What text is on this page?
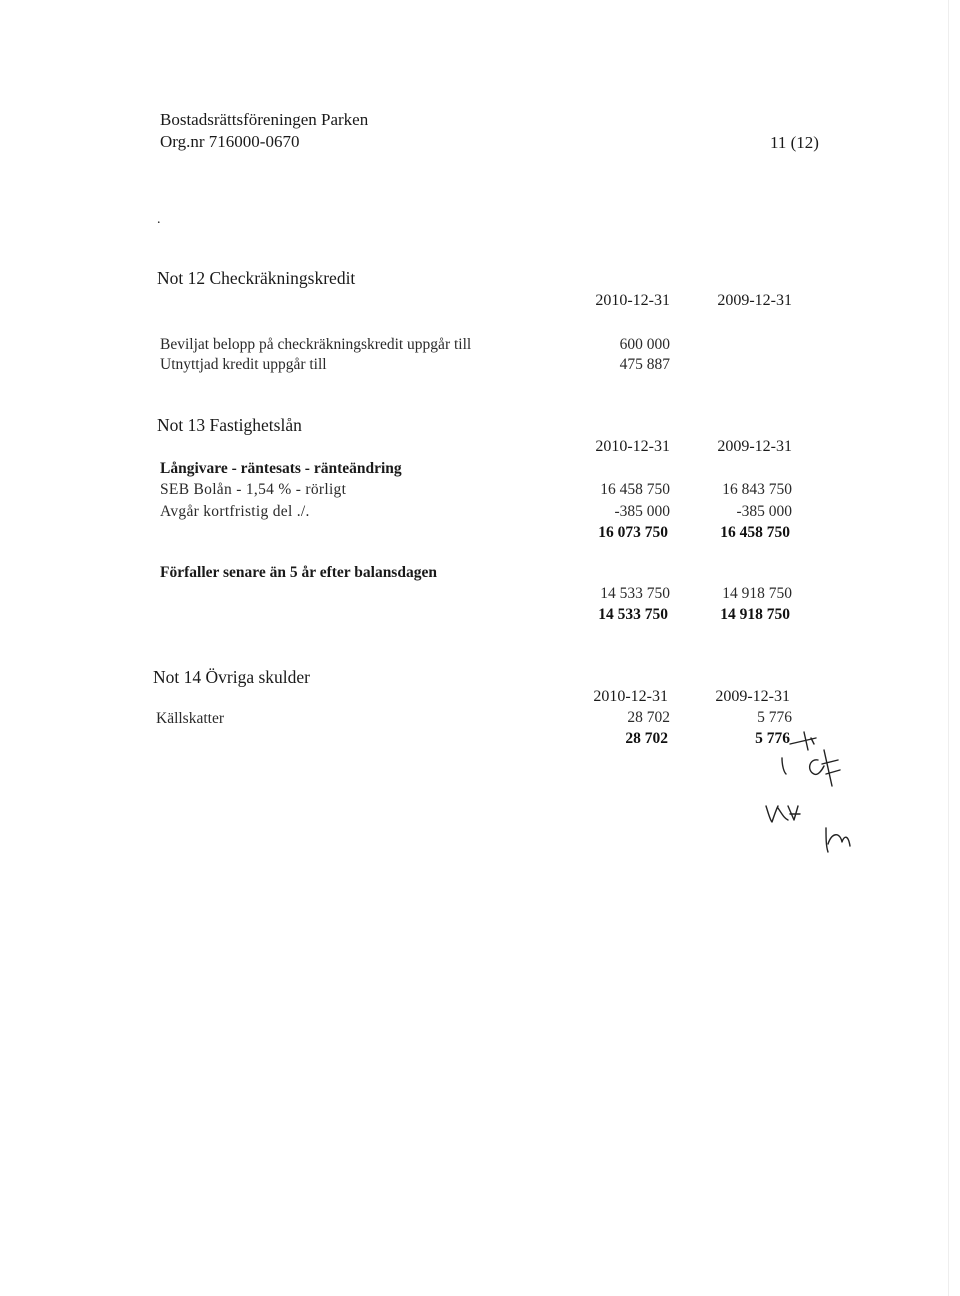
Bostadsrättsföreningen Parken
Org.nr 716000-0670	11 (12)
.
Not 12 Checkräkningskredit
2010-12-31	2009-12-31
Beviljat belopp på checkräkningskredit uppgår till	600 000
Utnyttjad kredit uppgår till	475 887
Not 13 Fastighetslån
2010-12-31	2009-12-31
Långivare - räntesats - ränteändring
SEB Bolån - 1,54 % - rörligt	16 458 750	16 843 750
Avgår kortfristig del ./.	-385 000	-385 000
16 073 750	16 458 750
Förfaller senare än 5 år efter balansdagen
14 533 750	14 918 750
14 533 750	14 918 750
Not 14 Övriga skulder
2010-12-31	2009-12-31
Källskatter	28 702	5 776
28 702	5 776
